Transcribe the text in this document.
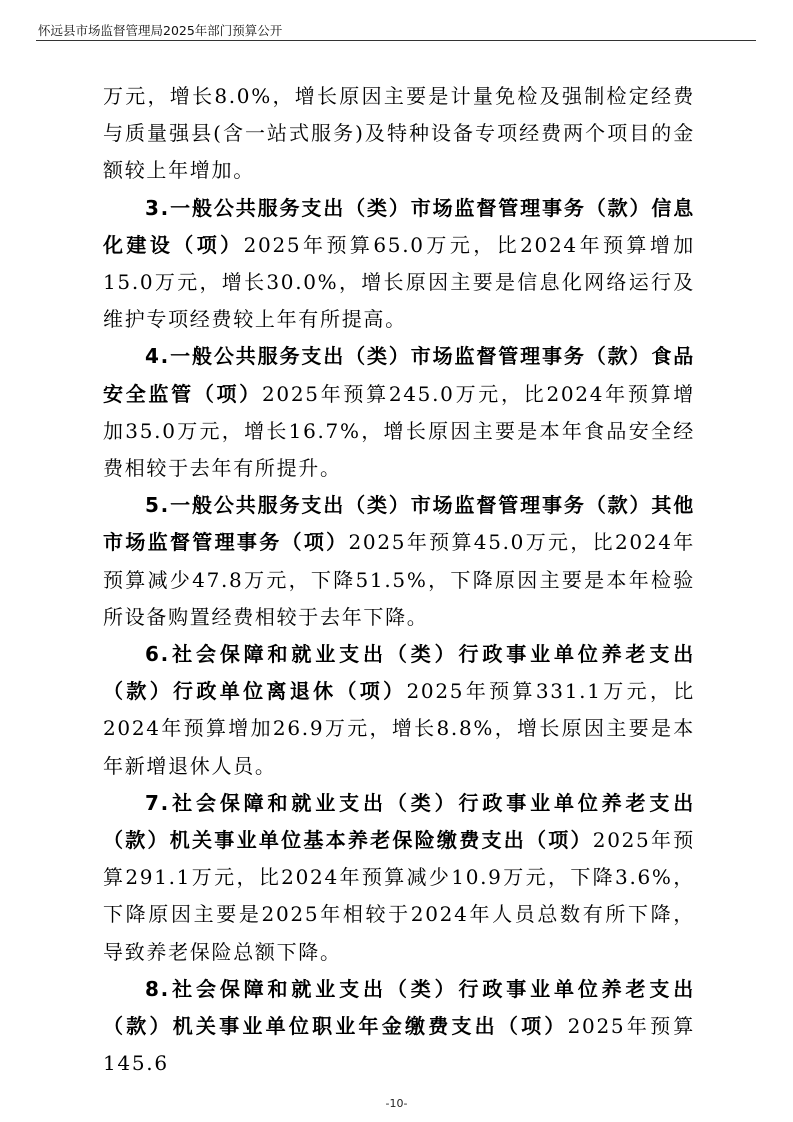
怀远县市场监督管理局2025年部门预算公开

万元，增长8.0%，增长原因主要是计量免检及强制检定经费与质量强县(含一站式服务)及特种设备专项经费两个项目的金额较上年增加。

3.一般公共服务支出（类）市场监督管理事务（款）信息化建设（项）2025年预算65.0万元，比2024年预算增加15.0万元，增长30.0%，增长原因主要是信息化网络运行及维护专项经费较上年有所提高。

4.一般公共服务支出（类）市场监督管理事务（款）食品安全监管（项）2025年预算245.0万元，比2024年预算增加35.0万元，增长16.7%，增长原因主要是本年食品安全经费相较于去年有所提升。

5.一般公共服务支出（类）市场监督管理事务（款）其他市场监督管理事务（项）2025年预算45.0万元，比2024年预算减少47.8万元，下降51.5%，下降原因主要是本年检验所设备购置经费相较于去年下降。

6.社会保障和就业支出（类）行政事业单位养老支出（款）行政单位离退休（项）2025年预算331.1万元，比2024年预算增加26.9万元，增长8.8%，增长原因主要是本年新增退休人员。

7.社会保障和就业支出（类）行政事业单位养老支出（款）机关事业单位基本养老保险缴费支出（项）2025年预算291.1万元，比2024年预算减少10.9万元，下降3.6%，下降原因主要是2025年相较于2024年人员总数有所下降，导致养老保险总额下降。

8.社会保障和就业支出（类）行政事业单位养老支出（款）机关事业单位职业年金缴费支出（项）2025年预算145.6

-10-
